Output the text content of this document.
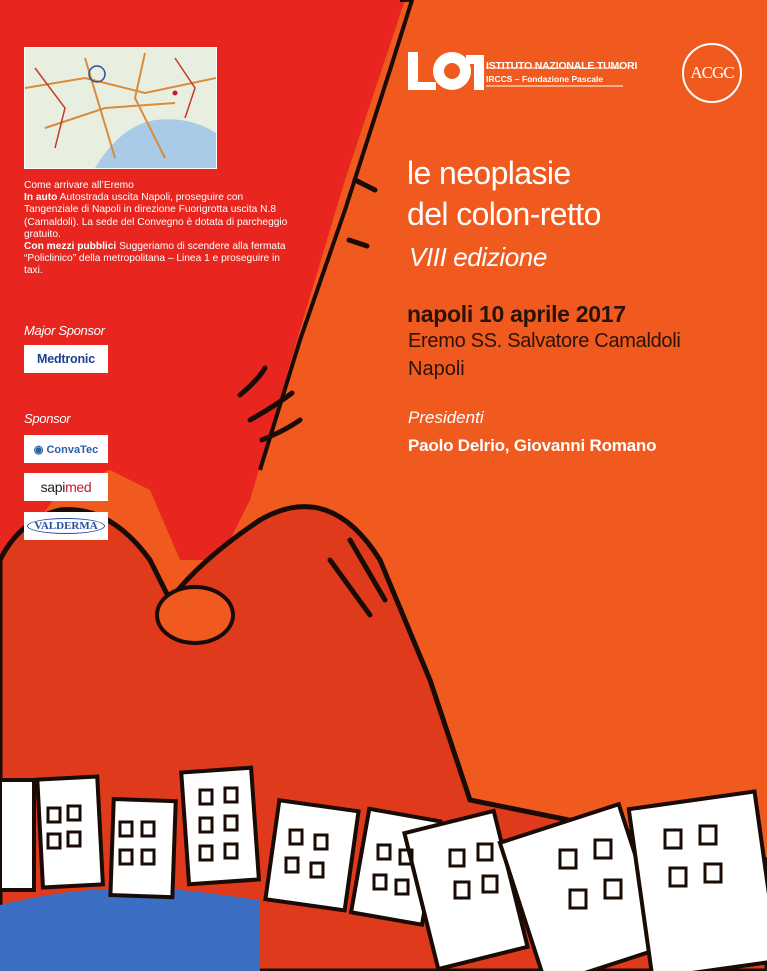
Come arrivare all’Eremo
In auto Autostrada uscita Napoli, proseguire con Tangenziale di Napoli in direzione Fuorigrotta uscita N.8 (Camaldoli). La sede del Convegno è dotata di parcheggio gratuito.
Con mezzi pubblici Suggeriamo di scendere alla fermata “Policlinico” della metropolitana – Linea 1 e proseguire in taxi.
Major Sponsor
Medtronic
Sponsor
◉ ConvaTec
sapimed
VALDERMA
ISTITUTO NAZIONALE TUMORI
IRCCS – Fondazione Pascale	ACGC
le neoplasie
del colon-retto
VIII edizione
napoli 10 aprile 2017
Eremo SS. Salvatore Camaldoli
Napoli
Presidenti
Paolo Delrio, Giovanni Romano
